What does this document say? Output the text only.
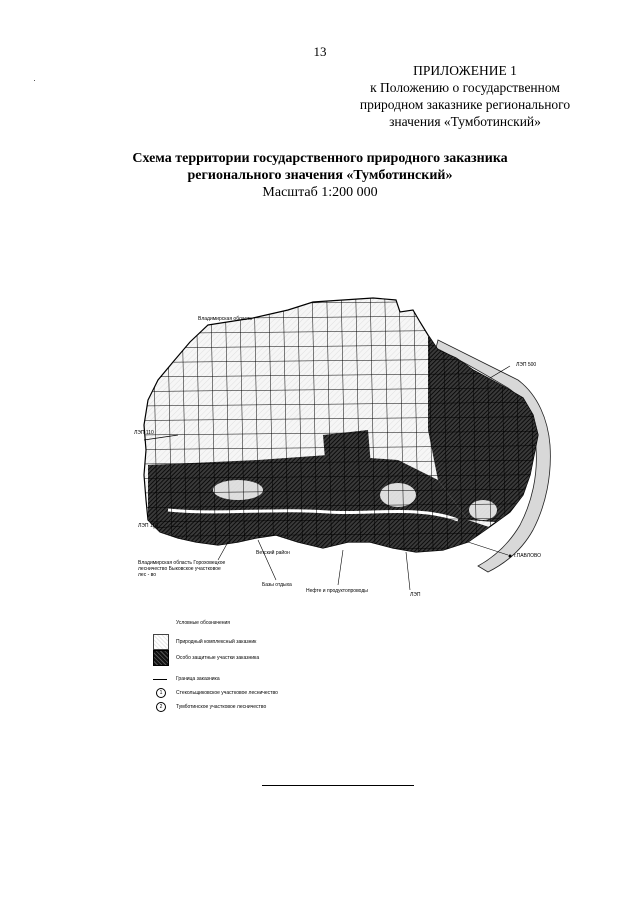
13
ПРИЛОЖЕНИЕ 1
к Положению о государственном
природном заказнике регионального
значения «Тумботинский»
Схема территории государственного природного заказника
регионального значения «Тумботинский»
Масштаб 1:200 000
Владимирская область
ЛЭП 500
ЛЭП 110
ЛЭП 110
Владимирская область Гороховецкое лесничество Быковское участковое лес - во
Ветский район
Базы отдыха
Нефте и продуктопроводы
ЛЭП
г.ПАВЛОВО
Условные обозначения
Природный комплексный заказник
Особо защитные участки заказника
Граница заказника
1	Стекольщиковское участковое лесничество
2	Тумботинское участковое лесничество
